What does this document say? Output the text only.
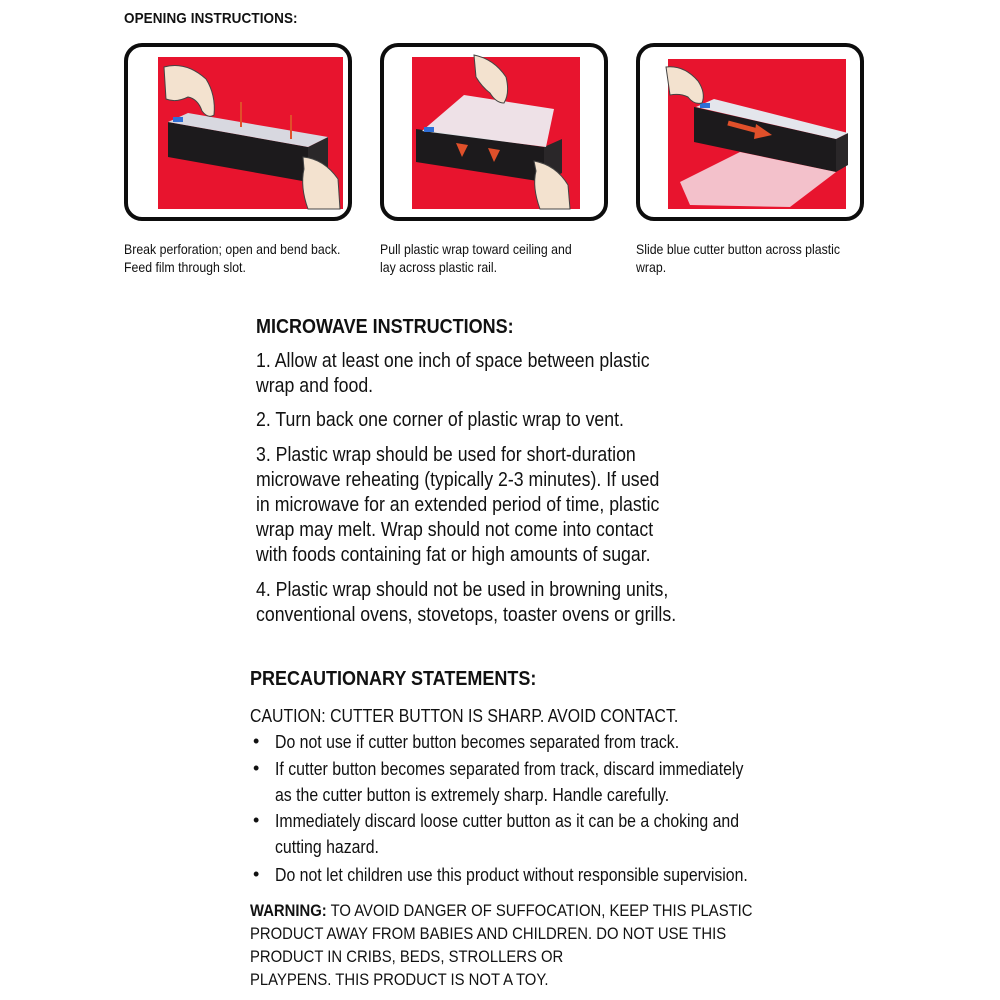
OPENING INSTRUCTIONS:
Break perforation; open and bend back.
Feed film through slot.
Pull plastic wrap toward ceiling and
lay across plastic rail.
Slide blue cutter button across plastic
wrap.
MICROWAVE INSTRUCTIONS:
1. Allow at least one inch of space between plastic
wrap and food.
2. Turn back one corner of plastic wrap to vent.
3. Plastic wrap should be used for short-duration
microwave reheating (typically 2-3 minutes). If used
in microwave for an extended period of time, plastic
wrap may melt. Wrap should not come into contact
with foods containing fat or high amounts of sugar.
4. Plastic wrap should not be used in browning units,
conventional ovens, stovetops, toaster ovens or grills.
PRECAUTIONARY STATEMENTS:
CAUTION: CUTTER BUTTON IS SHARP. AVOID CONTACT.
• Do not use if cutter button becomes separated from track.
• If cutter button becomes separated from track, discard immediately
as the cutter button is extremely sharp. Handle carefully.
• Immediately discard loose cutter button as it can be a choking and
cutting hazard.
• Do not let children use this product without responsible supervision.
WARNING: TO AVOID DANGER OF SUFFOCATION, KEEP THIS PLASTIC
PRODUCT AWAY FROM BABIES AND CHILDREN. DO NOT USE THIS
PRODUCT IN CRIBS, BEDS, STROLLERS OR
PLAYPENS. THIS PRODUCT IS NOT A TOY.
